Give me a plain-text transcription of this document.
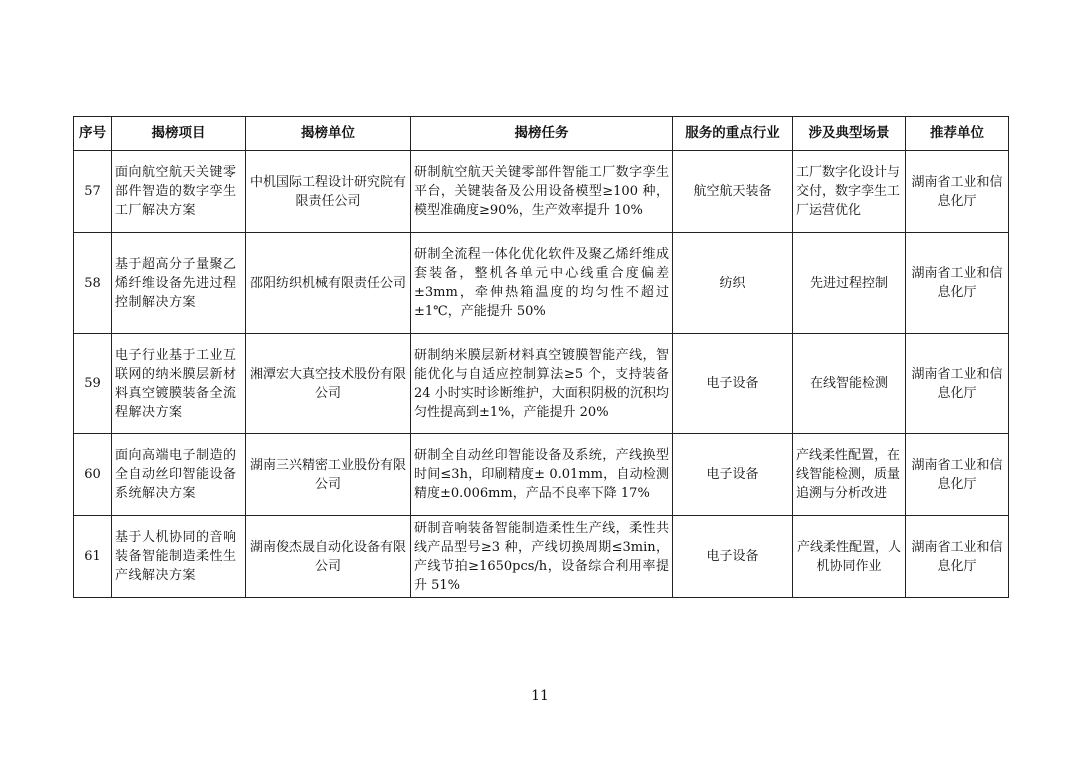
序号	揭榜项目	揭榜单位	揭榜任务	服务的重点行业	涉及典型场景	推荐单位
57	面向航空航天关键零部件智造的数字孪生工厂解决方案	中机国际工程设计研究院有限责任公司	研制航空航天关键零部件智能工厂数字孪生平台，关键装备及公用设备模型≥100 种，模型准确度≥90%，生产效率提升 10%	航空航天装备	工厂数字化设计与交付，数字孪生工厂运营优化	湖南省工业和信息化厅
58	基于超高分子量聚乙烯纤维设备先进过程控制解决方案	邵阳纺织机械有限责任公司	研制全流程一体化优化软件及聚乙烯纤维成套装备，整机各单元中心线重合度偏差±3mm，牵伸热箱温度的均匀性不超过±1℃，产能提升 50%	纺织	先进过程控制	湖南省工业和信息化厅
59	电子行业基于工业互联网的纳米膜层新材料真空镀膜装备全流程解决方案	湘潭宏大真空技术股份有限公司	研制纳米膜层新材料真空镀膜智能产线，智能优化与自适应控制算法≥5 个，支持装备 24 小时实时诊断维护，大面积阴极的沉积均匀性提高到±1%，产能提升 20%	电子设备	在线智能检测	湖南省工业和信息化厅
60	面向高端电子制造的全自动丝印智能设备系统解决方案	湖南三兴精密工业股份有限公司	研制全自动丝印智能设备及系统，产线换型时间≤3h，印刷精度± 0.01mm，自动检测精度±0.006mm，产品不良率下降 17%	电子设备	产线柔性配置，在线智能检测，质量追溯与分析改进	湖南省工业和信息化厅
61	基于人机协同的音响装备智能制造柔性生产线解决方案	湖南俊杰晟自动化设备有限公司	研制音响装备智能制造柔性生产线，柔性共线产品型号≥3 种，产线切换周期≤3min，产线节拍≥1650pcs/h，设备综合利用率提升 51%	电子设备	产线柔性配置，人机协同作业	湖南省工业和信息化厅
11
